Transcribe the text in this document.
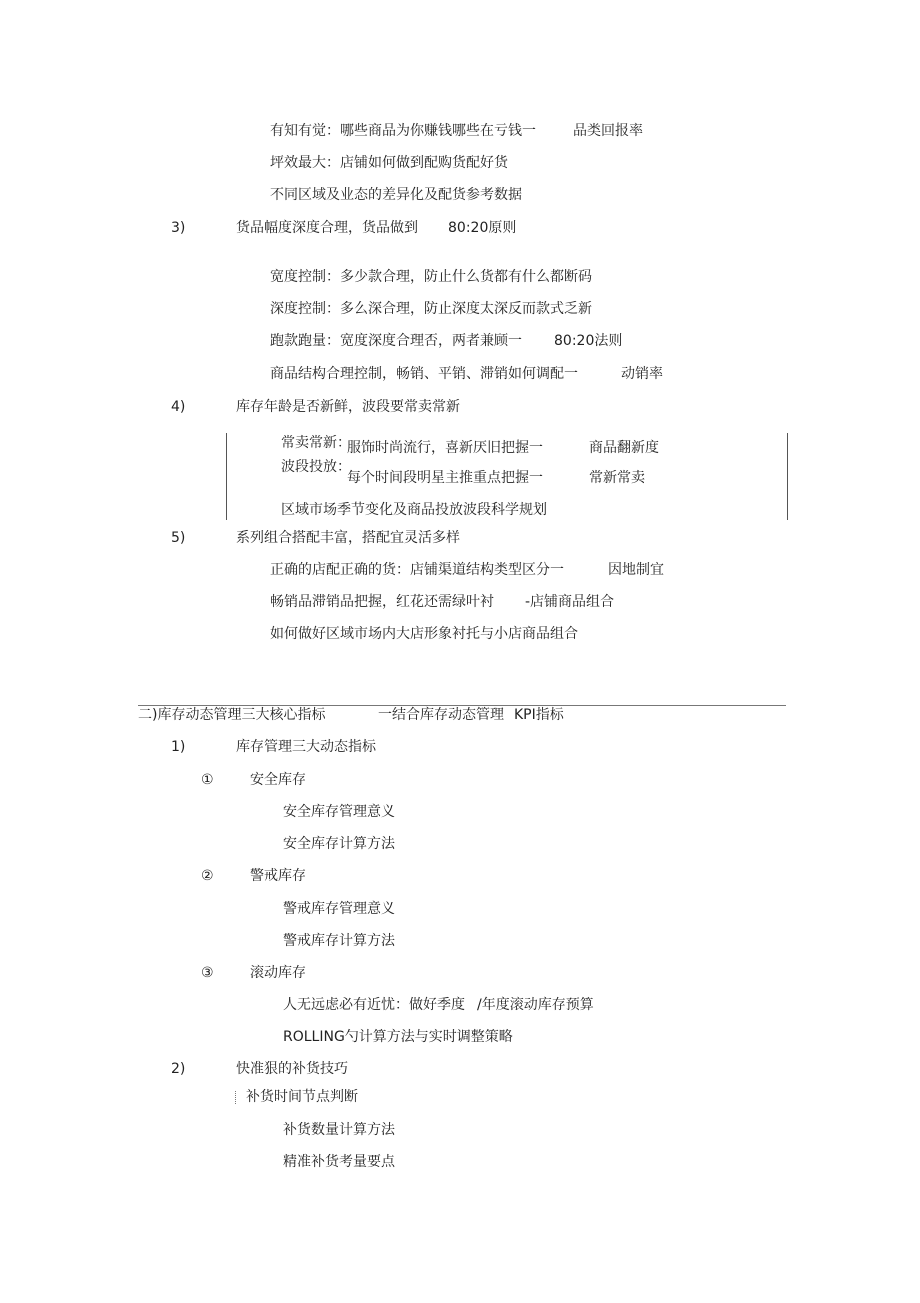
有知有觉：哪些商品为你赚钱哪些在亏钱一	品类回报率
坪效最大：店铺如何做到配购货配好货
不同区域及业态的差异化及配货参考数据
3)	货品幅度深度合理，货品做到 80:20原则
宽度控制：多少款合理，防止什么货都有什么都断码
深度控制：多么深合理，防止深度太深反而款式乏新
跑款跑量：宽度深度合理否，两者兼顾一 80:20法则
商品结构合理控制，畅销、平销、滞销如何调配一	动销率
4)	库存年龄是否新鲜，波段要常卖常新
常卖常新：
服饰时尚流行，喜新厌旧把握一	商品翻新度
波段投放：
每个时间段明星主推重点把握一	常新常卖
区域市场季节变化及商品投放波段科学规划
5)	系列组合搭配丰富，搭配宜灵活多样
正确的店配正确的货：店铺渠道结构类型区分一	因地制宜
畅销品滞销品把握，红花还需绿叶衬 -店铺商品组合
如何做好区域市场内大店形象衬托与小店商品组合
二)库存动态管理三大核心指标	一结合库存动态管理 KPI指标
1)	库存管理三大动态指标
①	安全库存
安全库存管理意义
安全库存计算方法
②	警戒库存
警戒库存管理意义
警戒库存计算方法
③	滚动库存
人无远虑必有近忧：做好季度 /年度滚动库存预算
ROLLING勺计算方法与实时调整策略
2)	快准狠的补货技巧
补货时间节点判断
补货数量计算方法
精准补货考量要点
